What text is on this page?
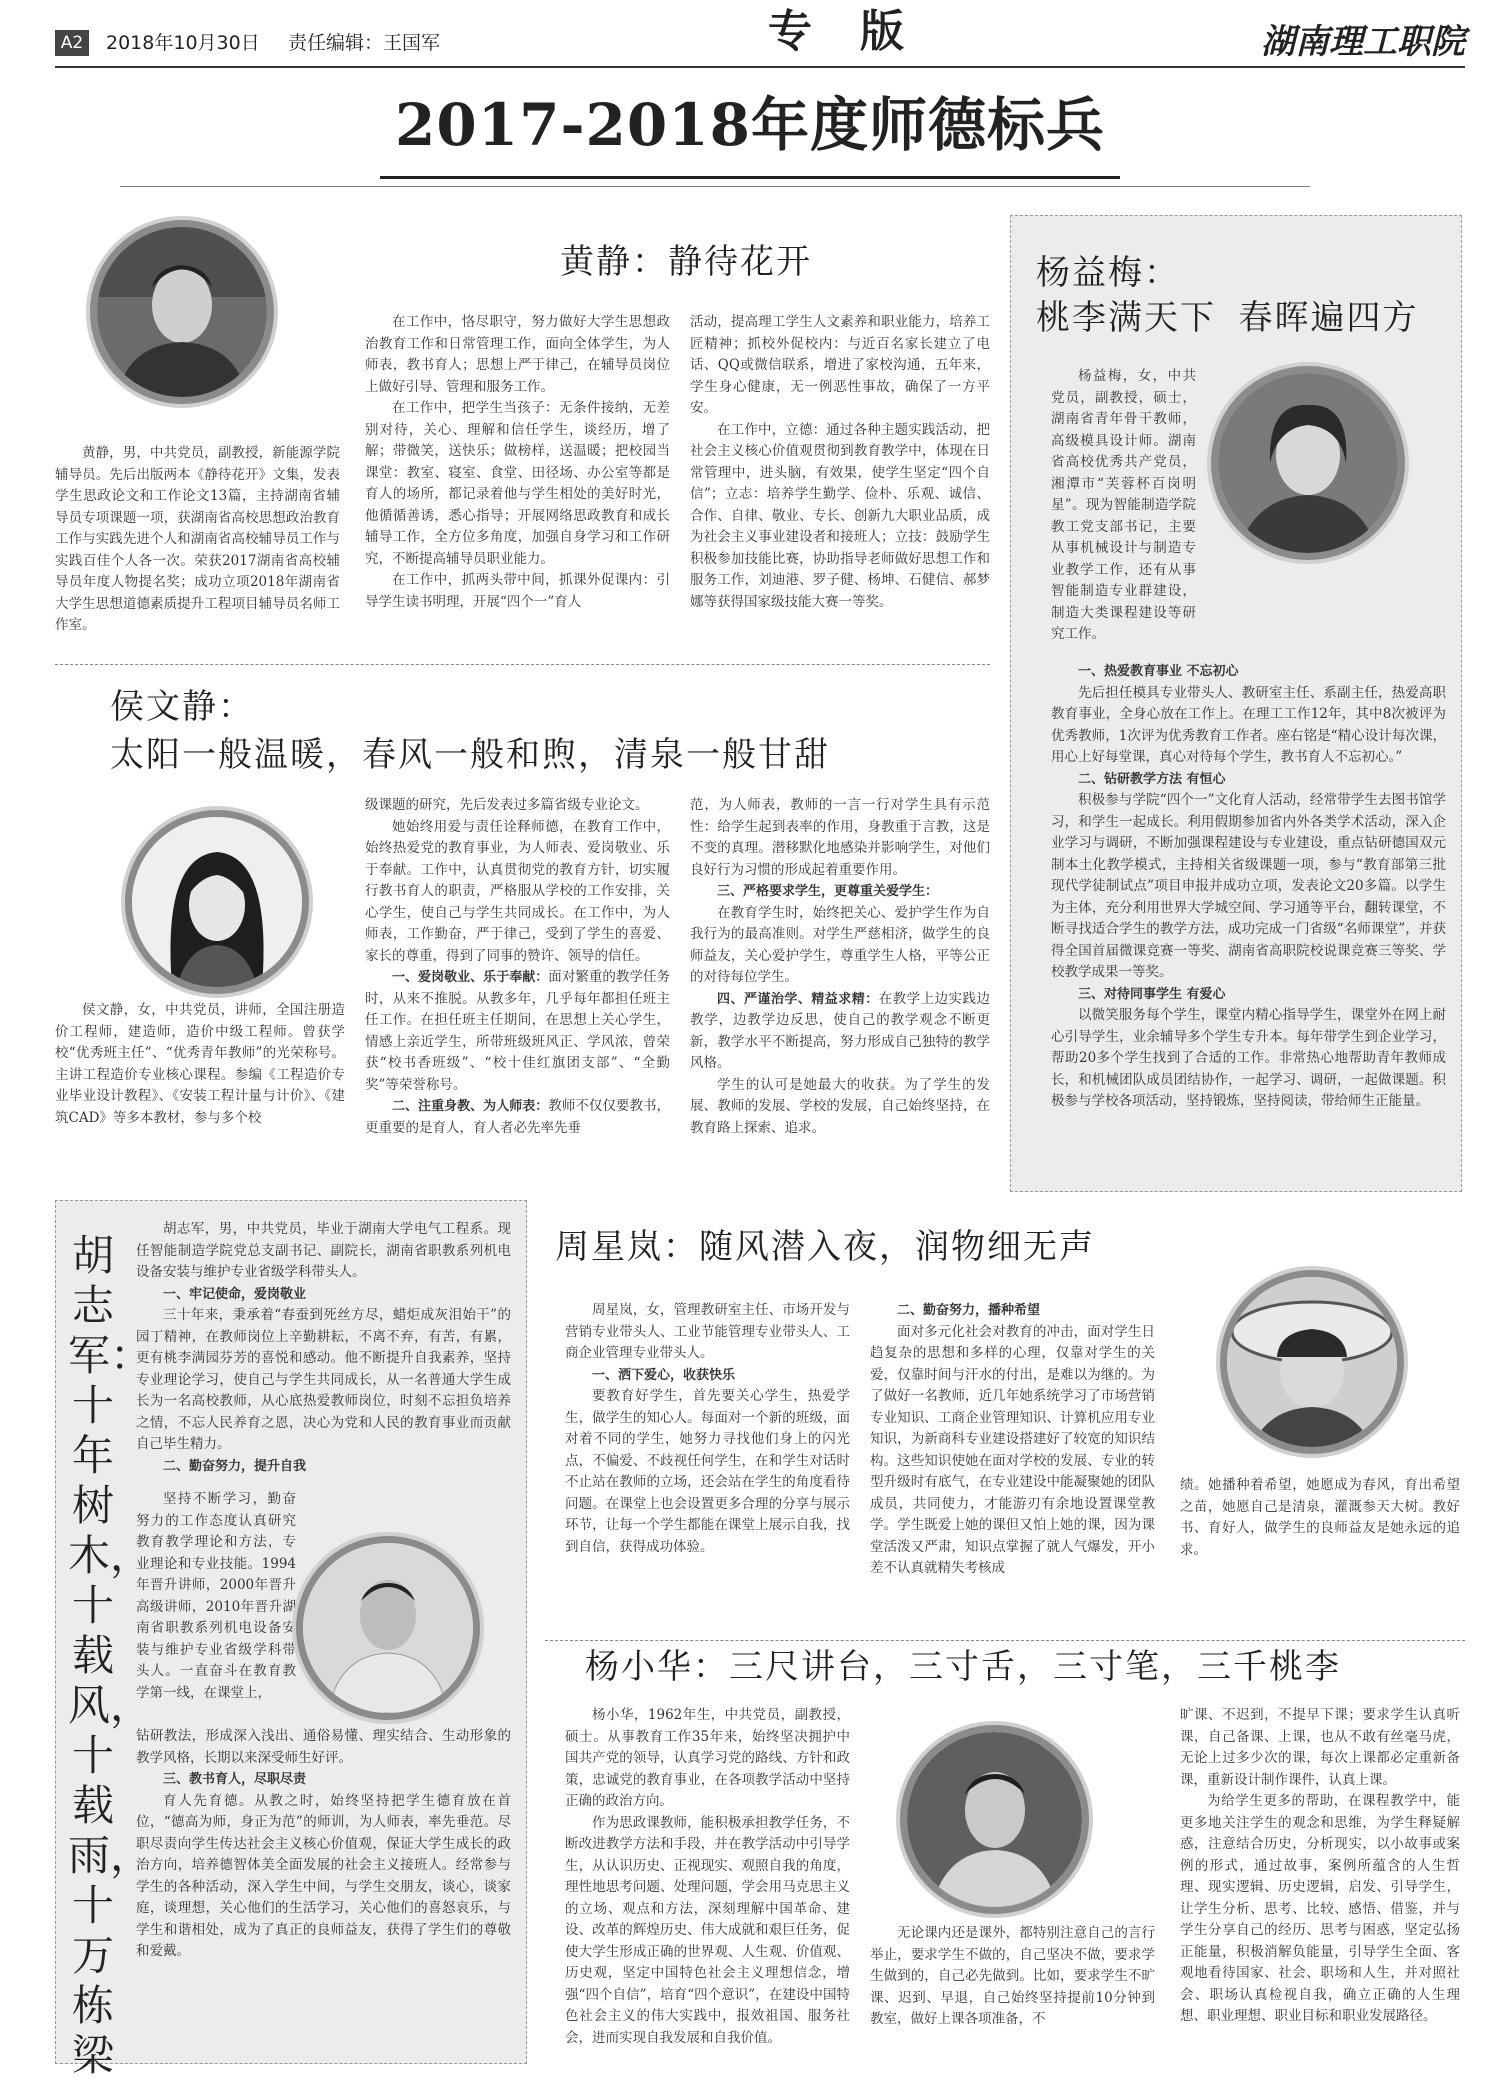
A2	2018年10月30日 责任编辑：王国军	专版	湖南理工职院
2017-2018年度师德标兵
黄静：静待花开
黄静，男，中共党员，副教授，新能源学院辅导员。先后出版两本《静待花开》文集，发表学生思政论文和工作论文13篇，主持湖南省辅导员专项课题一项，获湖南省高校思想政治教育工作与实践先进个人和湖南省高校辅导员工作与实践百佳个人各一次。荣获2017湖南省高校辅导员年度人物提名奖；成功立项2018年湖南省大学生思想道德素质提升工程项目辅导员名师工作室。
在工作中，恪尽职守，努力做好大学生思想政治教育工作和日常管理工作，面向全体学生，为人师表，教书育人；思想上严于律己，在辅导员岗位上做好引导、管理和服务工作。
在工作中，把学生当孩子：无条件接纳，无差别对待，关心、理解和信任学生，谈经历，增了解；带微笑，送快乐；做榜样，送温暖；把校园当课堂：教室、寝室、食堂、田径场、办公室等都是育人的场所，都记录着他与学生相处的美好时光，他循循善诱，悉心指导；开展网络思政教育和成长辅导工作，全方位多角度，加强自身学习和工作研究，不断提高辅导员职业能力。
在工作中，抓两头带中间，抓课外促课内：引导学生读书明理，开展“四个一”育人
活动，提高理工学生人文素养和职业能力，培养工匠精神；抓校外促校内：与近百名家长建立了电话、QQ或微信联系，增进了家校沟通，五年来，学生身心健康，无一例恶性事故，确保了一方平安。
在工作中，立德：通过各种主题实践活动，把社会主义核心价值观贯彻到教育教学中，体现在日常管理中，进头脑，有效果，使学生坚定“四个自信”；立志：培养学生勤学、俭朴、乐观、诚信、合作、自律、敬业、专长、创新九大职业品质，成为社会主义事业建设者和接班人；立技：鼓励学生积极参加技能比赛，协助指导老师做好思想工作和服务工作，刘迪港、罗子健、杨坤、石健信、郝梦娜等获得国家级技能大赛一等奖。
杨益梅：
桃李满天下 春晖遍四方
杨益梅，女，中共党员，副教授，硕士，湖南省青年骨干教师，高级模具设计师。湖南省高校优秀共产党员，湘潭市“芙蓉杯百岗明星”。现为智能制造学院教工党支部书记，主要从事机械设计与制造专业教学工作，还有从事智能制造专业群建设，制造大类课程建设等研究工作。
一、热爱教育事业 不忘初心
先后担任模具专业带头人、教研室主任、系副主任，热爱高职教育事业，全身心放在工作上。在理工工作12年，其中8次被评为优秀教师，1次评为优秀教育工作者。座右铭是“精心设计每次课，用心上好每堂课，真心对待每个学生，教书育人不忘初心。”
二、钻研教学方法 有恒心
积极参与学院“四个一”文化育人活动，经常带学生去图书馆学习，和学生一起成长。利用假期参加省内外各类学术活动，深入企业学习与调研，不断加强课程建设与专业建设，重点钻研德国双元制本土化教学模式，主持相关省级课题一项，参与“教育部第三批现代学徒制试点”项目申报并成功立项，发表论文20多篇。以学生为主体，充分利用世界大学城空间、学习通等平台，翻转课堂，不断寻找适合学生的教学方法，成功完成一门省级“名师课堂”，并获得全国首届微课竞赛一等奖、湖南省高职院校说课竞赛三等奖、学校教学成果一等奖。
三、对待同事学生 有爱心
以微笑服务每个学生，课堂内精心指导学生，课堂外在网上耐心引导学生，业余辅导多个学生专升本。每年带学生到企业学习，帮助20多个学生找到了合适的工作。非常热心地帮助青年教师成长，和机械团队成员团结协作，一起学习、调研，一起做课题。积极参与学校各项活动，坚持锻炼，坚持阅读，带给师生正能量。
侯文静：
太阳一般温暖，春风一般和煦，清泉一般甘甜
侯文静，女，中共党员，讲师，全国注册造价工程师，建造师，造价中级工程师。曾获学校“优秀班主任”、“优秀青年教师”的光荣称号。主讲工程造价专业核心课程。参编《工程造价专业毕业设计教程》、《安装工程计量与计价》、《建筑CAD》等多本教材，参与多个校
级课题的研究，先后发表过多篇省级专业论文。
她始终用爱与责任诠释师德，在教育工作中，始终热爱党的教育事业，为人师表、爱岗敬业、乐于奉献。工作中，认真贯彻党的教育方针，切实履行教书育人的职责，严格服从学校的工作安排，关心学生，使自己与学生共同成长。在工作中，为人师表，工作勤奋，严于律己，受到了学生的喜爱、家长的尊重，得到了同事的赞许、领导的信任。
一、爱岗敬业、乐于奉献：面对繁重的教学任务时，从来不推脱。从教多年，几乎每年都担任班主任工作。在担任班主任期间，在思想上关心学生，情感上亲近学生，所带班级班风正、学风浓，曾荣获“校书香班级”、“校十佳红旗团支部”、“全勤奖”等荣誉称号。
二、注重身教、为人师表：教师不仅仅要教书，更重要的是育人，育人者必先率先垂
范，为人师表，教师的一言一行对学生具有示范性：给学生起到表率的作用，身教重于言教，这是不变的真理。潜移默化地感染并影响学生，对他们良好行为习惯的形成起着重要作用。
三、严格要求学生，更尊重关爱学生：
在教育学生时，始终把关心、爱护学生作为自我行为的最高准则。对学生严慈相济，做学生的良师益友，关心爱护学生，尊重学生人格，平等公正的对待每位学生。
四、严谨治学、精益求精：在教学上边实践边教学，边教学边反思，使自己的教学观念不断更新，教学水平不断提高，努力形成自己独特的教学风格。
学生的认可是她最大的收获。为了学生的发展、教师的发展、学校的发展，自己始终坚持，在教育路上探索、追求。
胡志军：十年树木，十载风，十载雨，十万栋梁
胡志军，男，中共党员，毕业于湖南大学电气工程系。现任智能制造学院党总支副书记、副院长，湖南省职教系列机电设备安装与维护专业省级学科带头人。
一、牢记使命，爱岗敬业
三十年来，秉承着“春蚕到死丝方尽，蜡炬成灰泪始干”的园丁精神，在教师岗位上辛勤耕耘，不离不弃，有苦，有累，更有桃李满园芬芳的喜悦和感动。他不断提升自我素养，坚持专业理论学习，使自己与学生共同成长，从一名普通大学生成长为一名高校教师，从心底热爱教师岗位，时刻不忘担负培养之情，不忘人民养育之恩，决心为党和人民的教育事业而贡献自己毕生精力。
二、勤奋努力，提升自我
坚持不断学习，勤奋努力的工作态度认真研究教育教学理论和方法，专业理论和专业技能。1994年晋升讲师，2000年晋升高级讲师，2010年晋升湖南省职教系列机电设备安装与维护专业省级学科带头人。一直奋斗在教育教学第一线，在课堂上，
钻研教法，形成深入浅出、通俗易懂、理实结合、生动形象的教学风格，长期以来深受师生好评。
三、教书育人，尽职尽责
育人先育德。从教之时，始终坚持把学生德育放在首位，“德高为师，身正为范”的师训，为人师表，率先垂范。尽职尽责向学生传达社会主义核心价值观，保证大学生成长的政治方向，培养德智体美全面发展的社会主义接班人。经常参与学生的各种活动，深入学生中间，与学生交朋友，谈心，谈家庭，谈理想，关心他们的生活学习，关心他们的喜怒哀乐，与学生和谐相处，成为了真正的良师益友，获得了学生们的尊敬和爱戴。
周星岚：随风潜入夜，润物细无声
周星岚，女，管理教研室主任、市场开发与营销专业带头人、工业节能管理专业带头人、工商企业管理专业带头人。
一、洒下爱心，收获快乐
要教育好学生，首先要关心学生，热爱学生，做学生的知心人。每面对一个新的班级，面对着不同的学生，她努力寻找他们身上的闪光点，不偏爱、不歧视任何学生，在和学生对话时不止站在教师的立场，还会站在学生的角度看待问题。在课堂上也会设置更多合理的分享与展示环节，让每一个学生都能在课堂上展示自我，找到自信，获得成功体验。
二、勤奋努力，播种希望
面对多元化社会对教育的冲击，面对学生日趋复杂的思想和多样的心理，仅靠对学生的关爱，仅靠时间与汗水的付出，是难以为继的。为了做好一名教师，近几年她系统学习了市场营销专业知识、工商企业管理知识、计算机应用专业知识，为新商科专业建设搭建好了较宽的知识结构。这些知识使她在面对学校的发展、专业的转型升级时有底气，在专业建设中能凝聚她的团队成员，共同使力，才能游刃有余地设置课堂教学。学生既爱上她的课但又怕上她的课，因为课堂活泼又严肃，知识点掌握了就人气爆发，开小差不认真就精失考核成
绩。她播种着希望，她愿成为春风，育出希望之苗，她愿自己是清泉，灌溉参天大树。教好书、育好人，做学生的良师益友是她永远的追求。
杨小华：三尺讲台，三寸舌，三寸笔，三千桃李
杨小华，1962年生，中共党员，副教授，硕士。从事教育工作35年来，始终坚决拥护中国共产党的领导，认真学习党的路线、方针和政策，忠诚党的教育事业，在各项教学活动中坚持正确的政治方向。
作为思政课教师，能积极承担教学任务，不断改进教学方法和手段，并在教学活动中引导学生，从认识历史、正视现实、观照自我的角度，理性地思考问题、处理问题，学会用马克思主义的立场、观点和方法，深刻理解中国革命、建设、改革的辉煌历史、伟大成就和艰巨任务，促使大学生形成正确的世界观、人生观、价值观、历史观，坚定中国特色社会主义理想信念，增强“四个自信”，培育“四个意识”，在建设中国特色社会主义的伟大实践中，报效祖国、服务社会，进而实现自我发展和自我价值。
无论课内还是课外，都特别注意自己的言行举止，要求学生不做的，自己坚决不做，要求学生做到的，自己必先做到。比如，要求学生不旷课、迟到、早退，自己始终坚持提前10分钟到教室，做好上课各项准备，不
旷课、不迟到，不提早下课；要求学生认真听课，自己备课、上课，也从不敢有丝毫马虎，无论上过多少次的课，每次上课都必定重新备课，重新设计制作课件，认真上课。
为给学生更多的帮助，在课程教学中，能更多地关注学生的观念和思维，为学生释疑解惑，注意结合历史，分析现实，以小故事或案例的形式，通过故事，案例所蕴含的人生哲理、现实逻辑、历史逻辑，启发、引导学生，让学生分析、思考、比较、感悟、借鉴，并与学生分享自己的经历、思考与困惑，坚定弘扬正能量，积极消解负能量，引导学生全面、客观地看待国家、社会、职场和人生，并对照社会、职场认真检视自我，确立正确的人生理想、职业理想、职业目标和职业发展路径。
